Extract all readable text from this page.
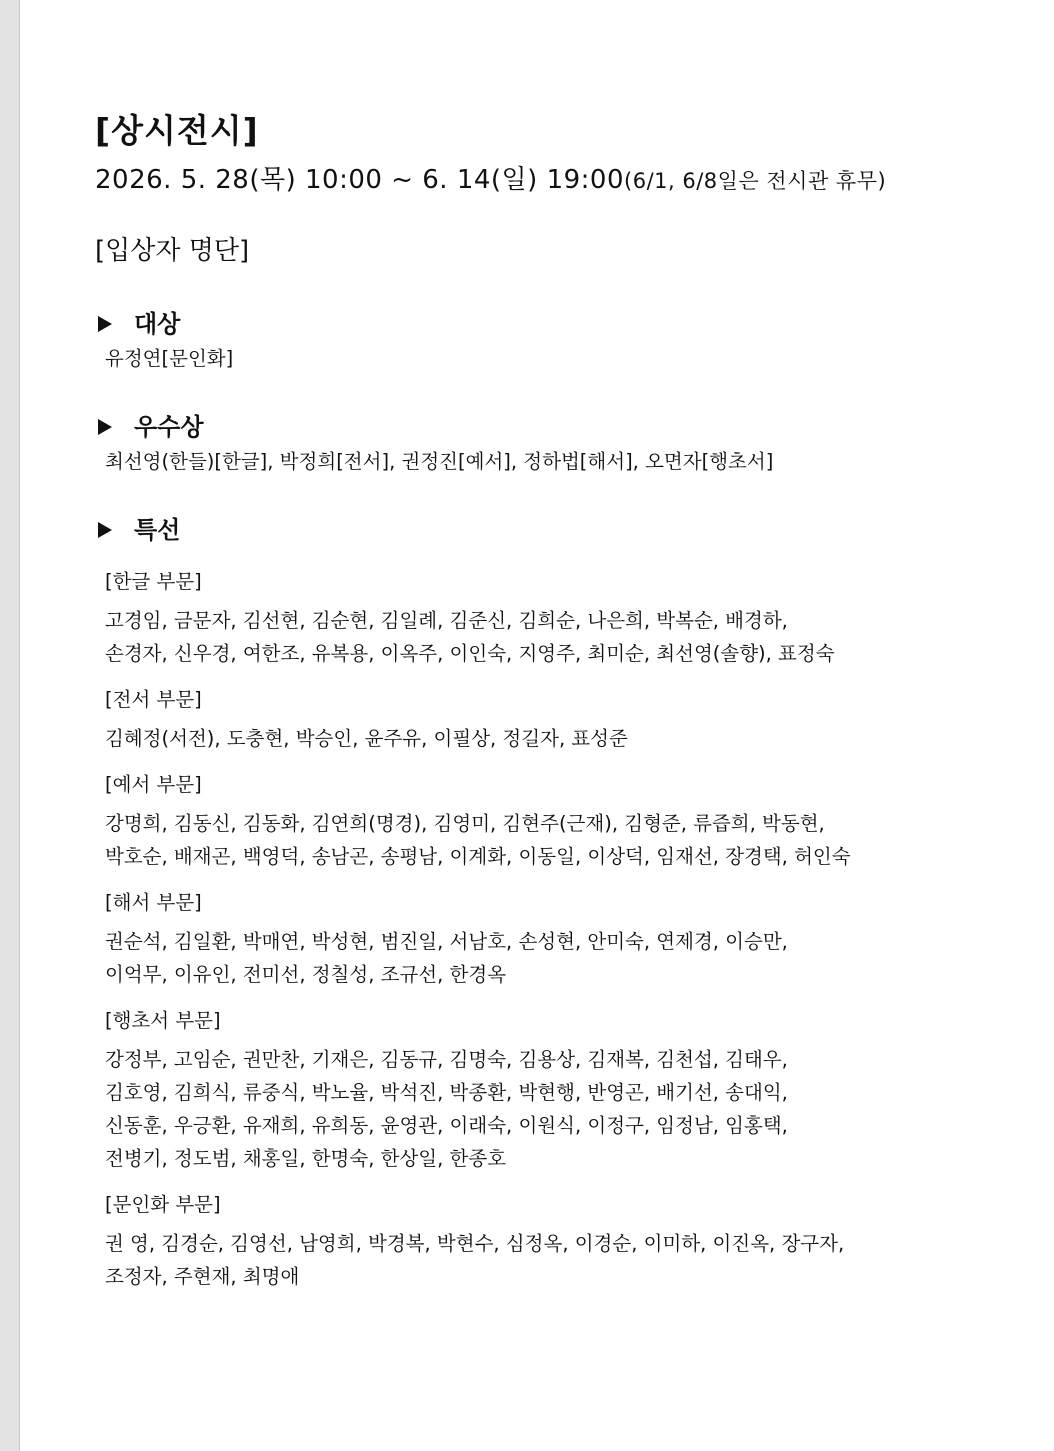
[상시전시]
2026. 5. 28(목) 10:00 ~ 6. 14(일) 19:00(6/1, 6/8일은 전시관 휴무)
[입상자 명단]
대상
유정연[문인화]
우수상
최선영(한들)[한글], 박정희[전서], 권정진[예서], 정하법[해서], 오면자[행초서]
특선
[한글 부문]
고경임, 금문자, 김선현, 김순현, 김일례, 김준신, 김희순, 나은희, 박복순, 배경하,
손경자, 신우경, 여한조, 유복용, 이옥주, 이인숙, 지영주, 최미순, 최선영(솔향), 표정숙
[전서 부문]
김혜정(서전), 도충현, 박승인, 윤주유, 이필상, 정길자, 표성준
[예서 부문]
강명희, 김동신, 김동화, 김연희(명경), 김영미, 김현주(근재), 김형준, 류즙희, 박동현,
박호순, 배재곤, 백영덕, 송남곤, 송평남, 이계화, 이동일, 이상덕, 임재선, 장경택, 허인숙
[해서 부문]
권순석, 김일환, 박매연, 박성현, 범진일, 서남호, 손성현, 안미숙, 연제경, 이승만,
이억무, 이유인, 전미선, 정칠성, 조규선, 한경옥
[행초서 부문]
강정부, 고임순, 권만찬, 기재은, 김동규, 김명숙, 김용상, 김재복, 김천섭, 김태우,
김호영, 김희식, 류중식, 박노율, 박석진, 박종환, 박현행, 반영곤, 배기선, 송대익,
신동훈, 우긍환, 유재희, 유희동, 윤영관, 이래숙, 이원식, 이정구, 임정남, 임홍택,
전병기, 정도범, 채홍일, 한명숙, 한상일, 한종호
[문인화 부문]
권 영, 김경순, 김영선, 남영희, 박경복, 박현수, 심정옥, 이경순, 이미하, 이진옥, 장구자,
조정자, 주현재, 최명애
